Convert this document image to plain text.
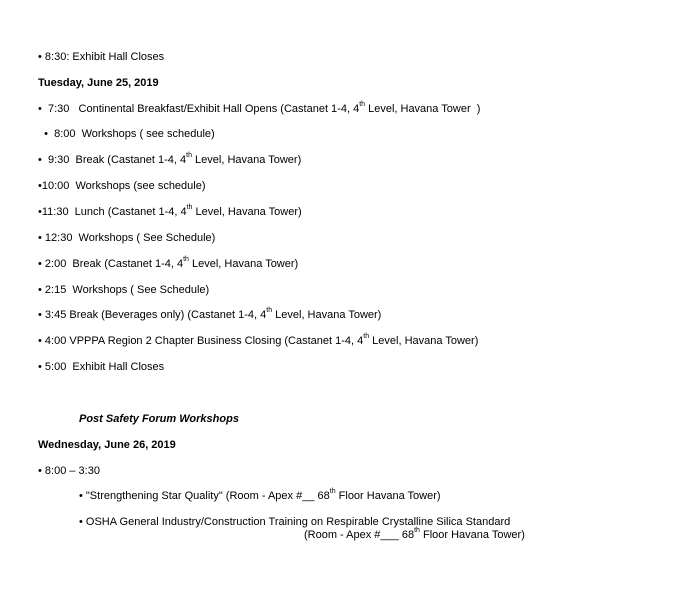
• 8:30: Exhibit Hall Closes
Tuesday, June 25, 2019
•  7:30   Continental Breakfast/Exhibit Hall Opens (Castanet 1-4, 4th Level, Havana Tower  )
•  8:00  Workshops ( see schedule)
•  9:30  Break (Castanet 1-4, 4th Level, Havana Tower)
•10:00  Workshops (see schedule)
•11:30  Lunch (Castanet 1-4, 4th Level, Havana Tower)
• 12:30  Workshops ( See Schedule)
• 2:00  Break (Castanet 1-4, 4th Level, Havana Tower)
• 2:15  Workshops ( See Schedule)
• 3:45 Break (Beverages only) (Castanet 1-4, 4th Level, Havana Tower)
• 4:00 VPPPA Region 2 Chapter Business Closing (Castanet 1-4, 4th Level, Havana Tower)
• 5:00  Exhibit Hall Closes
Post Safety Forum Workshops
Wednesday, June 26, 2019
• 8:00 – 3:30
• "Strengthening Star Quality" (Room - Apex #__ 68th Floor Havana Tower)
• OSHA General Industry/Construction Training on Respirable Crystalline Silica Standard
(Room - Apex #___ 68th Floor Havana Tower)
